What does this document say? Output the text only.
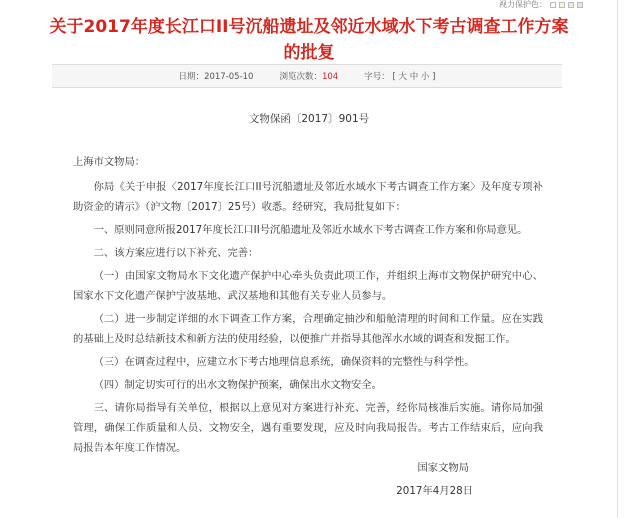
视力保护色：
关于2017年度长江口II号沉船遗址及邻近水域水下考古调查工作方案
的批复
日期：2017-05-10	浏览次数：104	字号： [ 大 中 小 ]
文物保函〔2017〕901号

上海市文物局：

你局《关于申报〈2017年度长江口II号沉船遗址及邻近水域水下考古调查工作方案〉及年度专项补助资金的请示》（沪文物〔2017〕25号）收悉。经研究，我局批复如下：

一、原则同意所报2017年度长江口II号沉船遗址及邻近水域水下考古调查工作方案和你局意见。

二、该方案应进行以下补充、完善：

（一）由国家文物局水下文化遗产保护中心牵头负责此项工作，并组织上海市文物保护研究中心、国家水下文化遗产保护宁波基地、武汉基地和其他有关专业人员参与。

（二）进一步制定详细的水下调查工作方案，合理确定抽沙和船舱清理的时间和工作量。应在实践的基础上及时总结新技术和新方法的使用经验，以便推广并指导其他浑水水域的调查和发掘工作。

（三）在调查过程中，应建立水下考古地理信息系统，确保资料的完整性与科学性。

（四）制定切实可行的出水文物保护预案，确保出水文物安全。

三、请你局指导有关单位，根据以上意见对方案进行补充、完善，经你局核准后实施。请你局加强管理，确保工作质量和人员、文物安全，遇有重要发现，应及时向我局报告。考古工作结束后，应向我局报告本年度工作情况。

国家文物局
2017年4月28日
